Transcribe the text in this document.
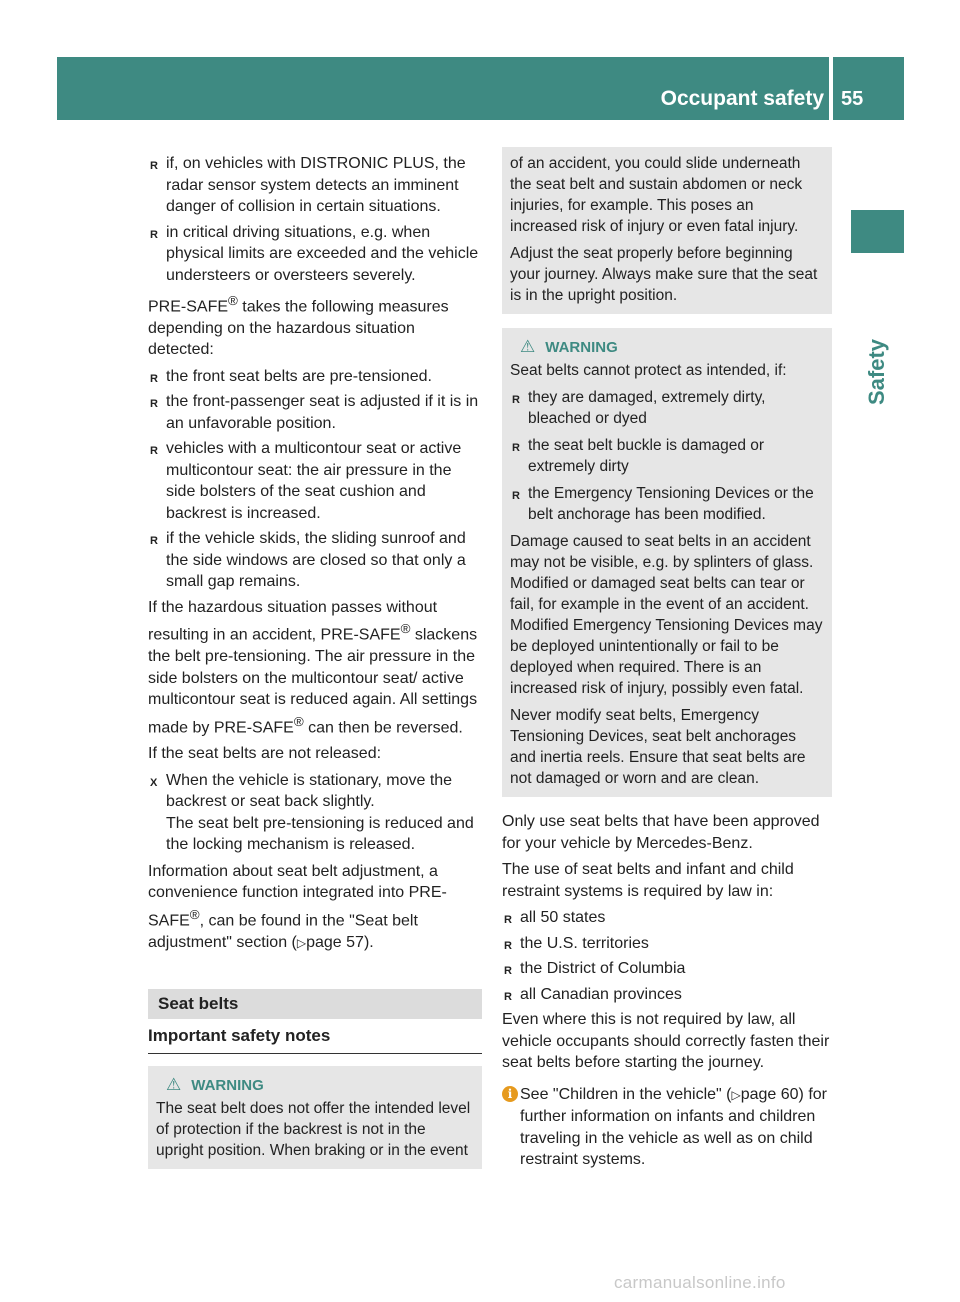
Occupant safety 55
Safety
R if, on vehicles with DISTRONIC PLUS, the radar sensor system detects an imminent danger of collision in certain situations.
R in critical driving situations, e.g. when physical limits are exceeded and the vehicle understeers or oversteers severely.

PRE-SAFE® takes the following measures depending on the hazardous situation detected:

R the front seat belts are pre-tensioned.
R the front-passenger seat is adjusted if it is in an unfavorable position.
R vehicles with a multicontour seat or active multicontour seat: the air pressure in the side bolsters of the seat cushion and backrest is increased.
R if the vehicle skids, the sliding sunroof and the side windows are closed so that only a small gap remains.

If the hazardous situation passes without resulting in an accident, PRE-SAFE® slackens the belt pre-tensioning. The air pressure in the side bolsters on the multicontour seat/ active multicontour seat is reduced again. All settings made by PRE-SAFE® can then be reversed.

If the seat belts are not released:

X When the vehicle is stationary, move the backrest or seat back slightly.
The seat belt pre-tensioning is reduced and the locking mechanism is released.

Information about seat belt adjustment, a convenience function integrated into PRE-SAFE®, can be found in the "Seat belt adjustment" section (▷page 57).

Seat belts
Important safety notes
⚠ WARNING

The seat belt does not offer the intended level of protection if the backrest is not in the upright position. When braking or in the event

of an accident, you could slide underneath the seat belt and sustain abdomen or neck injuries, for example. This poses an increased risk of injury or even fatal injury.

Adjust the seat properly before beginning your journey. Always make sure that the seat is in the upright position.

⚠ WARNING

Seat belts cannot protect as intended, if:

R they are damaged, extremely dirty, bleached or dyed
R the seat belt buckle is damaged or extremely dirty
R the Emergency Tensioning Devices or the belt anchorage has been modified.

Damage caused to seat belts in an accident may not be visible, e.g. by splinters of glass. Modified or damaged seat belts can tear or fail, for example in the event of an accident. Modified Emergency Tensioning Devices may be deployed unintentionally or fail to be deployed when required. There is an increased risk of injury, possibly even fatal.

Never modify seat belts, Emergency Tensioning Devices, seat belt anchorages and inertia reels. Ensure that seat belts are not damaged or worn and are clean.

Only use seat belts that have been approved for your vehicle by Mercedes-Benz.

The use of seat belts and infant and child restraint systems is required by law in:

R all 50 states
R the U.S. territories
R the District of Columbia
R all Canadian provinces

Even where this is not required by law, all vehicle occupants should correctly fasten their seat belts before starting the journey.

i See "Children in the vehicle" (▷page 60) for further information on infants and children traveling in the vehicle as well as on child restraint systems.
carmanualsonline.info
